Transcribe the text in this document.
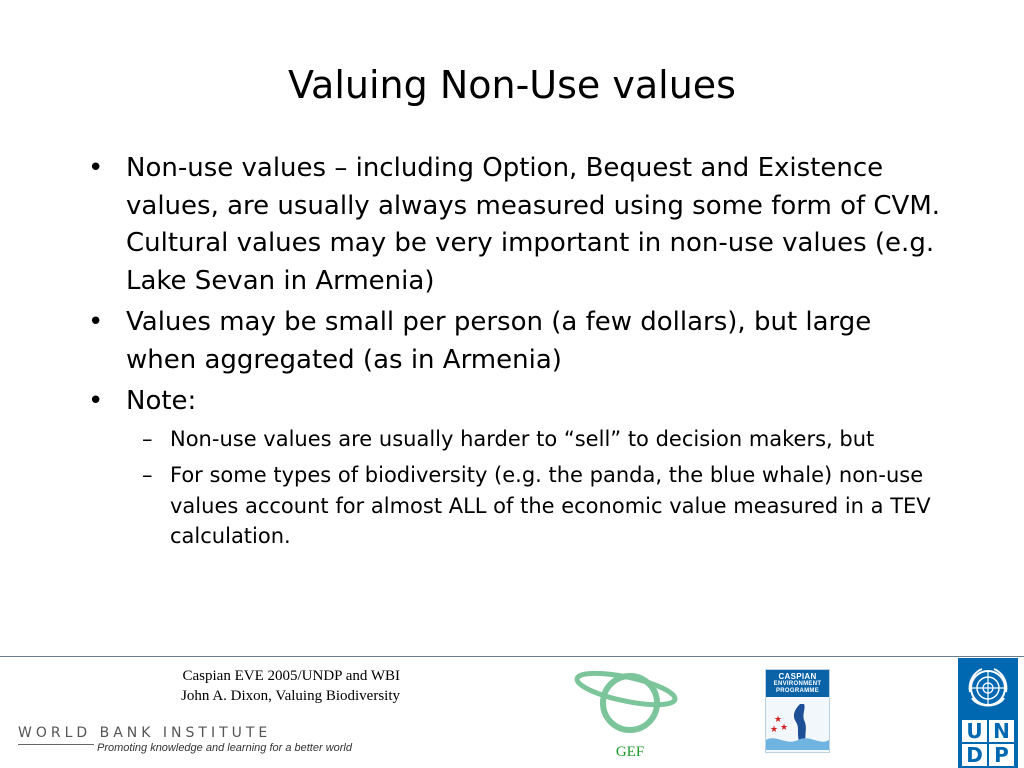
Valuing Non-Use values
• Non-use values – including Option, Bequest and Existence values, are usually always measured using some form of CVM. Cultural values may be very important in non-use values (e.g. Lake Sevan in Armenia)
• Values may be small per person (a few dollars), but large when aggregated (as in Armenia)
• Note:
– Non-use values are usually harder to “sell” to decision makers, but
– For some types of biodiversity (e.g. the panda, the blue whale) non-use values account for almost ALL of the economic value measured in a TEV calculation.
Caspian EVE 2005/UNDP and WBI
John A. Dixon, Valuing Biodiversity
WORLD BANK INSTITUTE
Promoting knowledge and learning for a better world	GEF
CASPIAN
ENVIRONMENT
PROGRAMME
★
★
★	U N
D P
